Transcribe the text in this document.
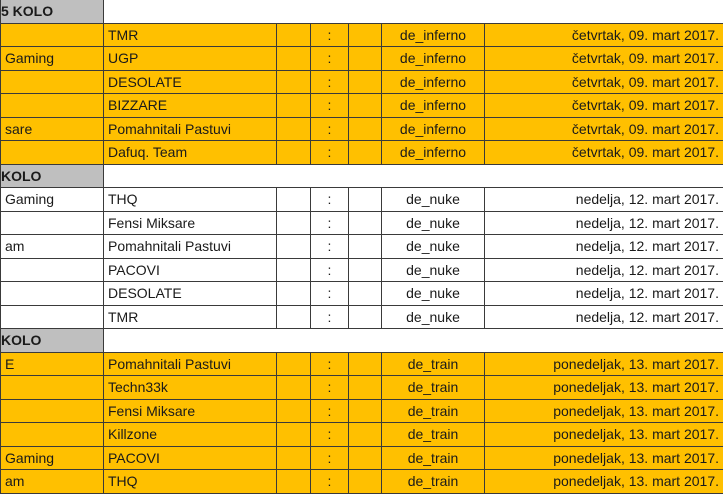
5 KOLO						
	TMR		:		de_inferno	četvrtak, 09. mart 2017.
Gaming	UGP		:		de_inferno	četvrtak, 09. mart 2017.
	DESOLATE		:		de_inferno	četvrtak, 09. mart 2017.
	BIZZARE		:		de_inferno	četvrtak, 09. mart 2017.
sare	Pomahnitali Pastuvi		:		de_inferno	četvrtak, 09. mart 2017.
	Dafuq. Team		:		de_inferno	četvrtak, 09. mart 2017.
KOLO						
Gaming	THQ		:		de_nuke	nedelja, 12. mart 2017.
	Fensi Miksare		:		de_nuke	nedelja, 12. mart 2017.
am	Pomahnitali Pastuvi		:		de_nuke	nedelja, 12. mart 2017.
	PACOVI		:		de_nuke	nedelja, 12. mart 2017.
	DESOLATE		:		de_nuke	nedelja, 12. mart 2017.
	TMR		:		de_nuke	nedelja, 12. mart 2017.
KOLO						
E	Pomahnitali Pastuvi		:		de_train	ponedeljak, 13. mart 2017.
	Techn33k		:		de_train	ponedeljak, 13. mart 2017.
	Fensi Miksare		:		de_train	ponedeljak, 13. mart 2017.
	Killzone		:		de_train	ponedeljak, 13. mart 2017.
Gaming	PACOVI		:		de_train	ponedeljak, 13. mart 2017.
am	THQ		:		de_train	ponedeljak, 13. mart 2017.
